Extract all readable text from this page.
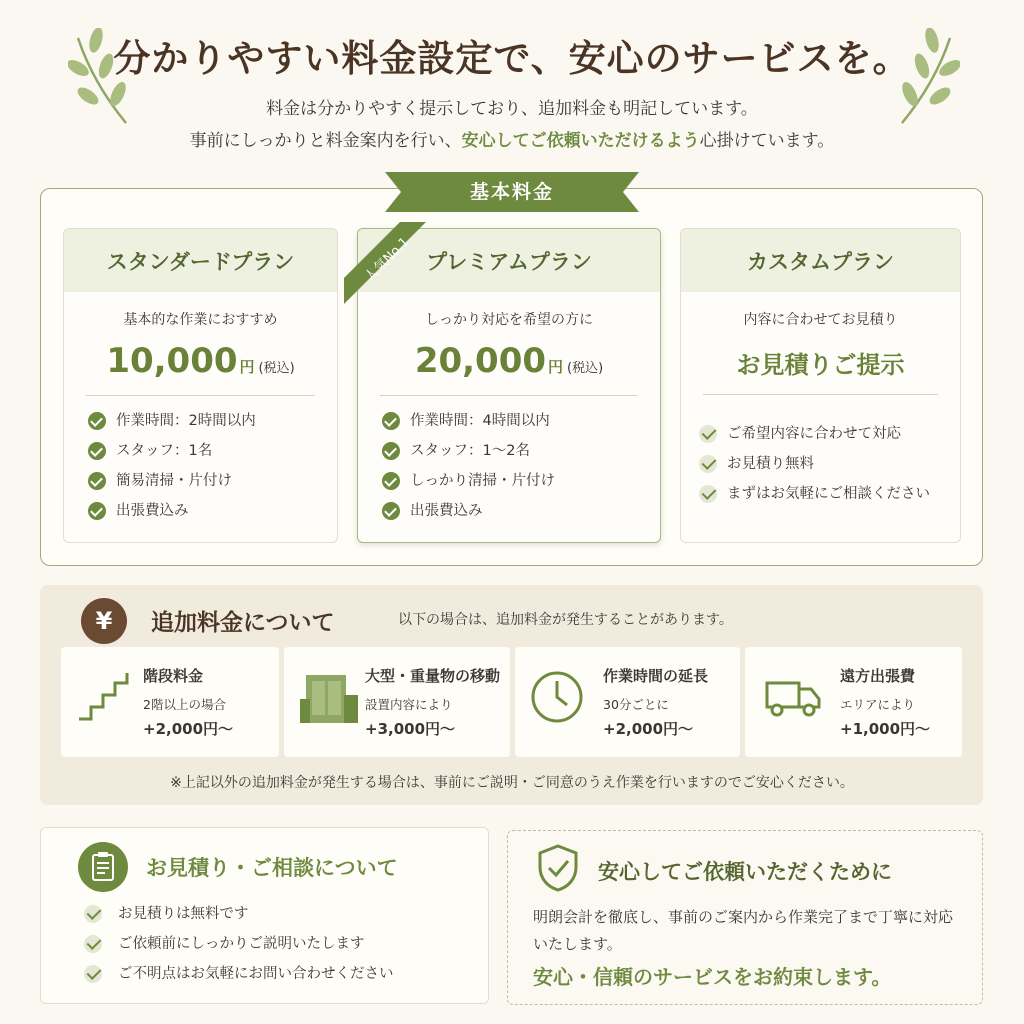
分かりやすい料金設定で、安心のサービスを。
料金は分かりやすく提示しており、追加料金も明記しています。
事前にしっかりと料金案内を行い、安心してご依頼いただけるよう心掛けています。
基本料金
スタンダードプラン
基本的な作業におすすめ
10,000 円 (税込)
作業時間：2時間以内
スタッフ：1名
簡易清掃・片付け
出張費込み
プレミアムプラン
しっかり対応を希望の方に
20,000 円 (税込)
作業時間：4時間以内
スタッフ：1〜2名
しっかり清掃・片付け
出張費込み
人気No.1	カスタムプラン
内容に合わせてお見積り
お見積りご提示
ご希望内容に合わせて対応
お見積り無料
まずはお気軽にご相談ください
¥	追加料金について	以下の場合は、追加料金が発生することがあります。
階段料金
2階以上の場合
+2,000円〜
大型・重量物の移動
設置内容により
+3,000円〜
作業時間の延長
30分ごとに
+2,000円〜
遠方出張費
エリアにより
+1,000円〜
※上記以外の追加料金が発生する場合は、事前にご説明・ご同意のうえ作業を行いますのでご安心ください。
お見積り・ご相談について
お見積りは無料です
ご依頼前にしっかりご説明いたします
ご不明点はお気軽にお問い合わせください
安心してご依頼いただくために
明朗会計を徹底し、事前のご案内から作業完了まで丁寧に対応いたします。
安心・信頼のサービスをお約束します。
